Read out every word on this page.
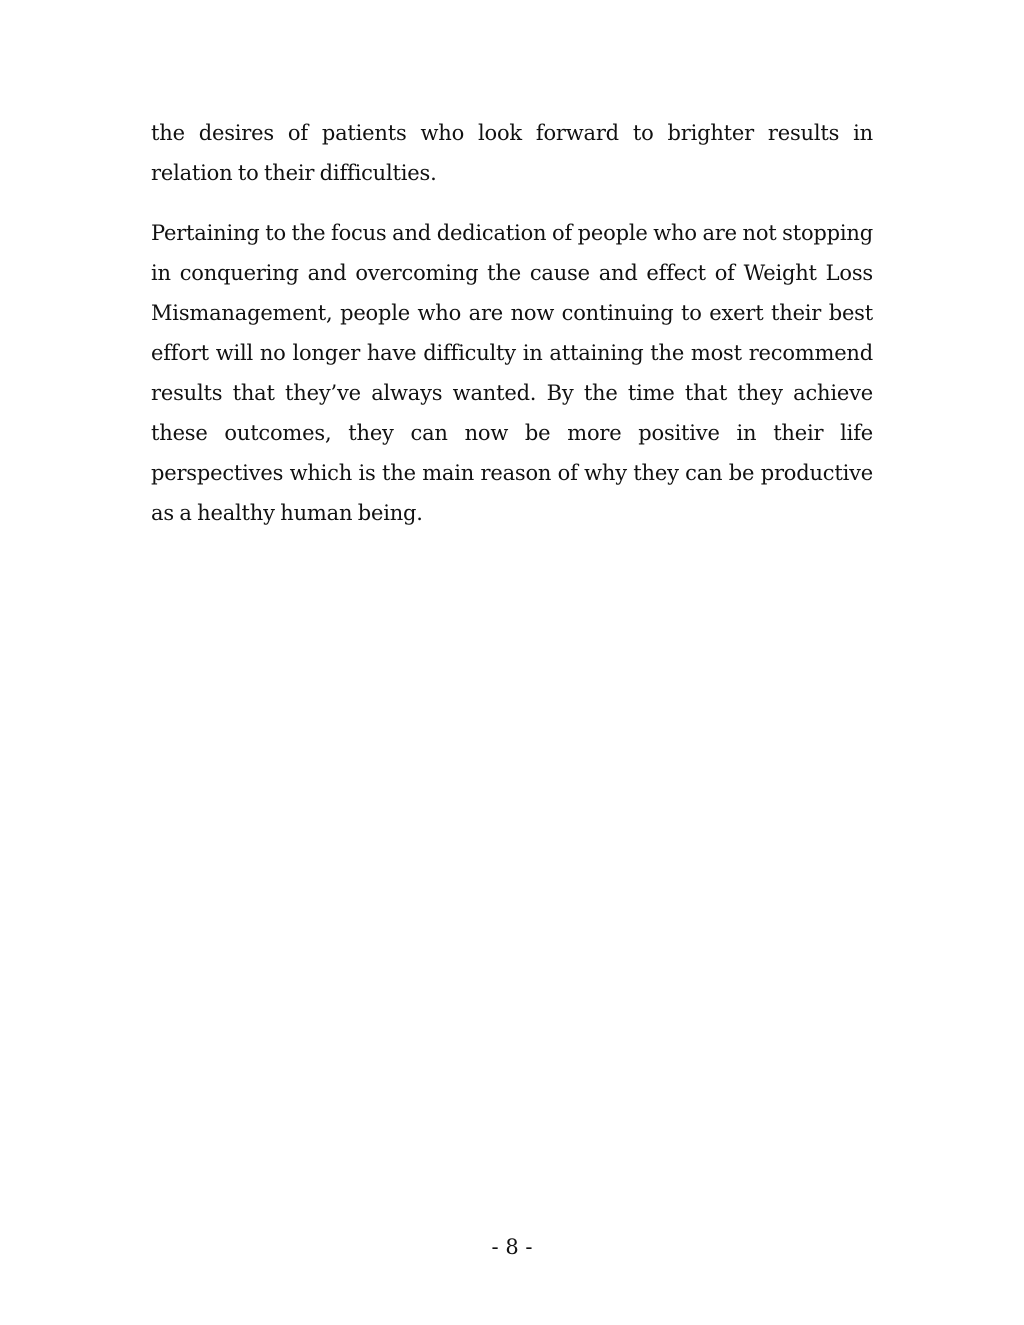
the desires of patients who look forward to brighter results in relation to their difficulties.

Pertaining to the focus and dedication of people who are not stopping in conquering and overcoming the cause and effect of Weight Loss Mismanagement, people who are now continuing to exert their best effort will no longer have difficulty in attaining the most recommend results that they’ve always wanted. By the time that they achieve these outcomes, they can now be more positive in their life perspectives which is the main reason of why they can be productive as a healthy human being.

- 8 -
